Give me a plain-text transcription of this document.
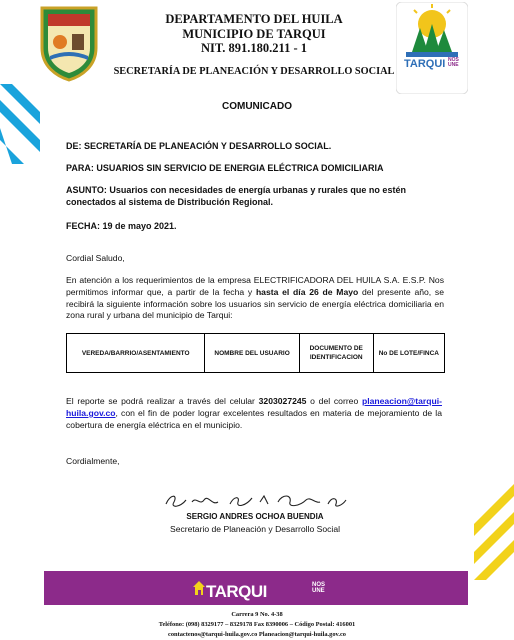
DEPARTAMENTO DEL HUILA
MUNICIPIO DE TARQUI
NIT. 891.180.211 - 1
SECRETARÍA DE PLANEACIÓN Y DESARROLLO SOCIAL
TARQUI NOS
UNE
COMUNICADO
DE: SECRETARÍA DE PLANEACIÓN Y DESARROLLO SOCIAL.
PARA: USUARIOS SIN SERVICIO DE ENERGIA ELÉCTRICA DOMICILIARIA
ASUNTO: Usuarios con necesidades de energía urbanas y rurales que no estén conectados al sistema de Distribución Regional.
FECHA: 19 de mayo 2021.
Cordial Saludo,
En atención a los requerimientos de la empresa ELECTRIFICADORA DEL HUILA S.A. E.S.P. Nos permitimos informar que, a partir de la fecha y hasta el día 26 de Mayo del presente año, se recibirá la siguiente información sobre los usuarios sin servicio de energía eléctrica domiciliaria en zona rural y urbana del municipio de Tarqui:
VEREDA/BARRIO/ASENTAMIENTO	NOMBRE DEL USUARIO	DOCUMENTO DE IDENTIFICACION	No DE LOTE/FINCA
El reporte se podrá realizar a través del celular 3203027245 o del correo planeacion@tarqui-huila.gov.co, con el fin de poder lograr excelentes resultados en materia de mejoramiento de la cobertura de energía eléctrica en el municipio.
Cordialmente,
SERGIO ANDRES OCHOA BUENDIA
Secretario de Planeación y Desarrollo Social
TARQUI	NOS
UNE
Carrera 9 No. 4-38
Teléfono: (098) 8329177 – 8329178 Fax 8390006 – Código Postal: 416001
contactenos@tarqui-huila.gov.co Planeacion@tarqui-huila.gov.co
